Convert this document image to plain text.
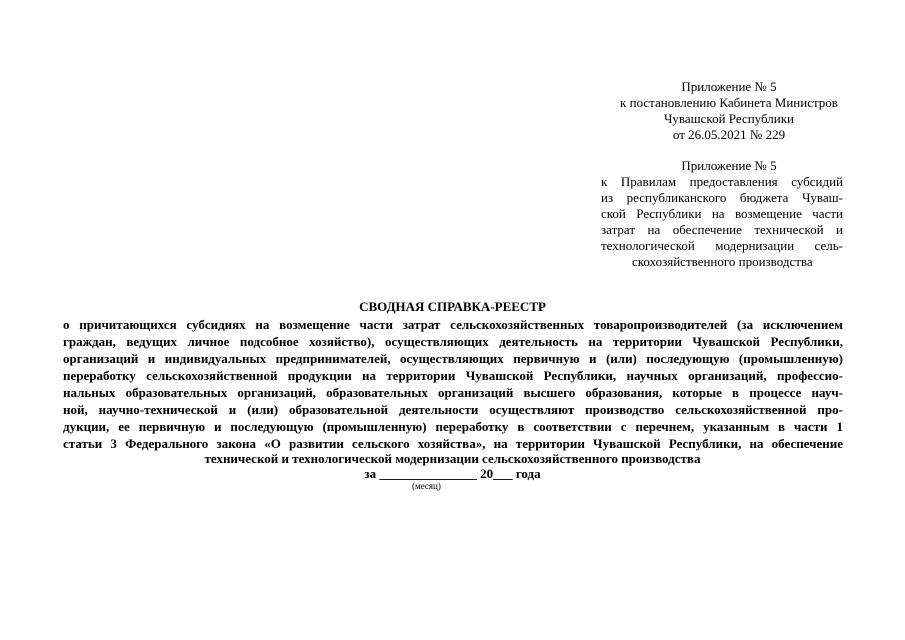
Приложение № 5
к постановлению Кабинета Министров
Чувашской Республики
от 26.05.2021 № 229
Приложение № 5
к Правилам предоставления субсидий
из республиканского бюджета Чуваш-
ской Республики на возмещение части
затрат на обеспечение технической и
технологической модернизации сель-
скохозяйственного производства
СВОДНАЯ СПРАВКА-РЕЕСТР
о причитающихся субсидиях на возмещение части затрат сельскохозяйственных товаропроизводителей (за исключением
граждан, ведущих личное подсобное хозяйство), осуществляющих деятельность на территории Чувашской Республики,
организаций и индивидуальных предпринимателей, осуществляющих первичную и (или) последующую (промышленную)
переработку сельскохозяйственной продукции на территории Чувашской Республики, научных организаций, профессио-
нальных образовательных организаций, образовательных организаций высшего образования, которые в процессе науч-
ной, научно-технической и (или) образовательной деятельности осуществляют производство сельскохозяйственной про-
дукции, ее первичную и последующую (промышленную) переработку в соответствии с перечнем, указанным в части 1
статьи 3 Федерального закона «О развитии сельского хозяйства», на территории Чувашской Республики, на обеспечение
технической и технологической модернизации сельскохозяйственного производства
за _______________ 20___ года
(месяц)
